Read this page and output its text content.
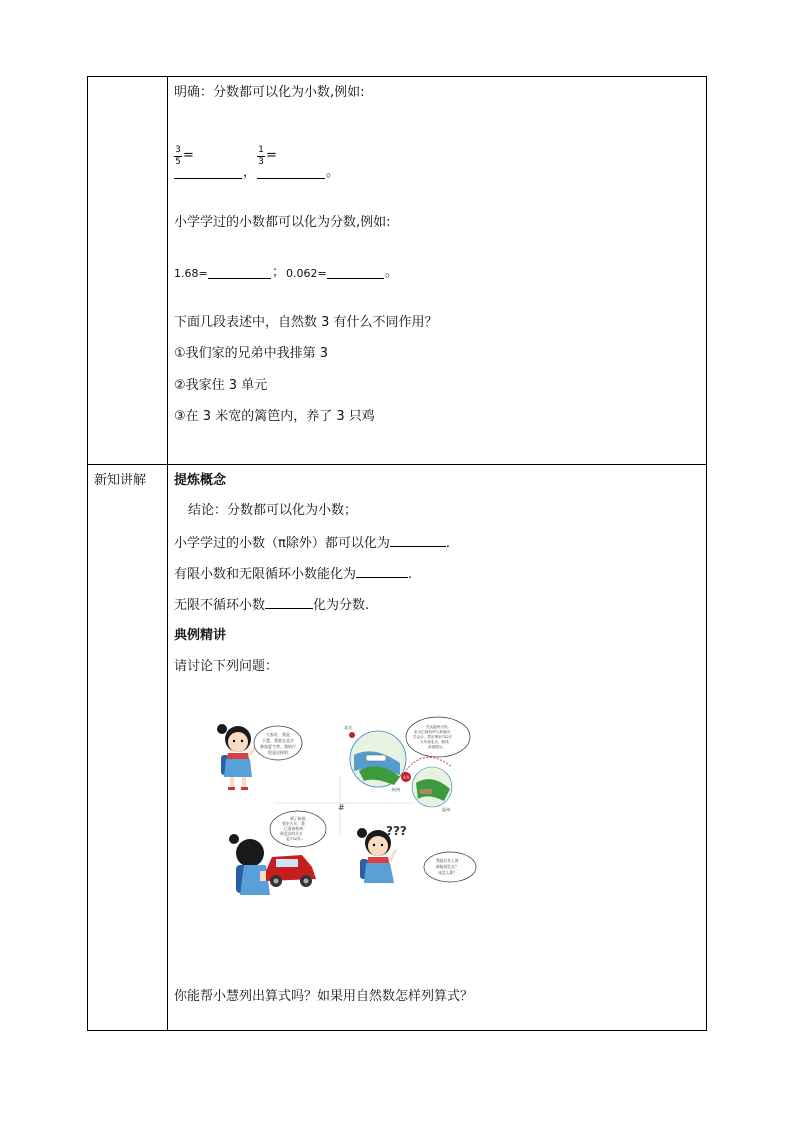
明确：分数都可以化为小数,例如:
3
5 =
，
1
3 =
。
小学学过的小数都可以化为分数,例如:
1.68=	； 0.062=	。
下面几段表述中，自然数 3 有什么不同作用？
①我们家的兄弟中我排第 3
②我家住 3 单元
③在 3 米宽的篱笆内，养了 3 只鸡
新知讲解 提炼概念
结论：分数都可以化为小数；
小学学过的小数（π除外）都可以化为	.
有限小数和无限循环小数能化为	.
无限不循环小数	化为分数.
典例精讲
请讨论下列问题：
#
大家好，我是 小慧，我要去北京 参加夏令营，我的行 程是这样的：
北京
出发
杭州
温州
先从温州出发, 坐大巴到杭州与其他同 学会合，然后乘坐732次 火车到北京，路线 请看图示。
到了杭州， 要坐火车，我 已查询杭州 到北京的火车 是732次…
???
我最后什么时 候能到北京？ 该怎么算？
你能帮小慧列出算式吗？如果用自然数怎样列算式？
